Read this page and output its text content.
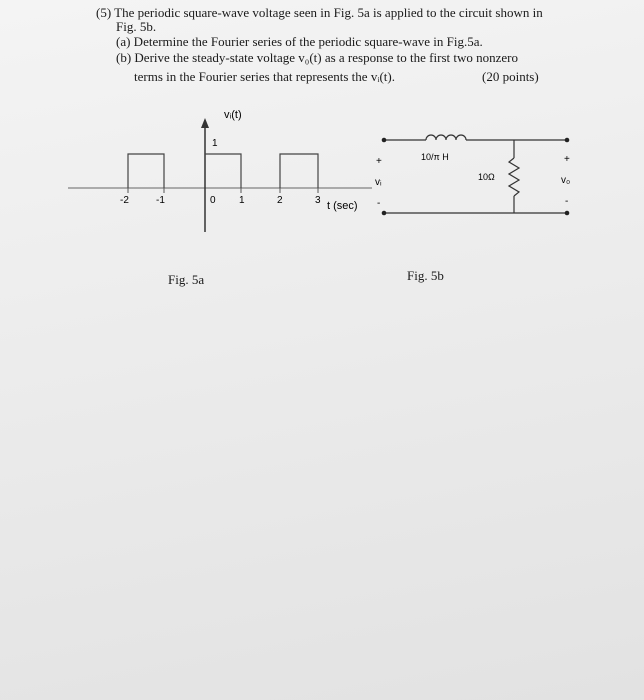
(5) The periodic square-wave voltage seen in Fig. 5a is applied to the circuit shown in
Fig. 5b.
(a) Determine the Fourier series of the periodic square-wave in Fig.5a.
(b) Derive the steady-state voltage v₀(t) as a response to the first two nonzero
terms in the Fourier series that represents the vᵢ(t).	(20 points)
vᵢ(t)
1
-2	-1	0 1	2	3 t (sec)
10/π H
10Ω
+
vᵢ
-
+
v₀
-
Fig. 5a	Fig. 5b
